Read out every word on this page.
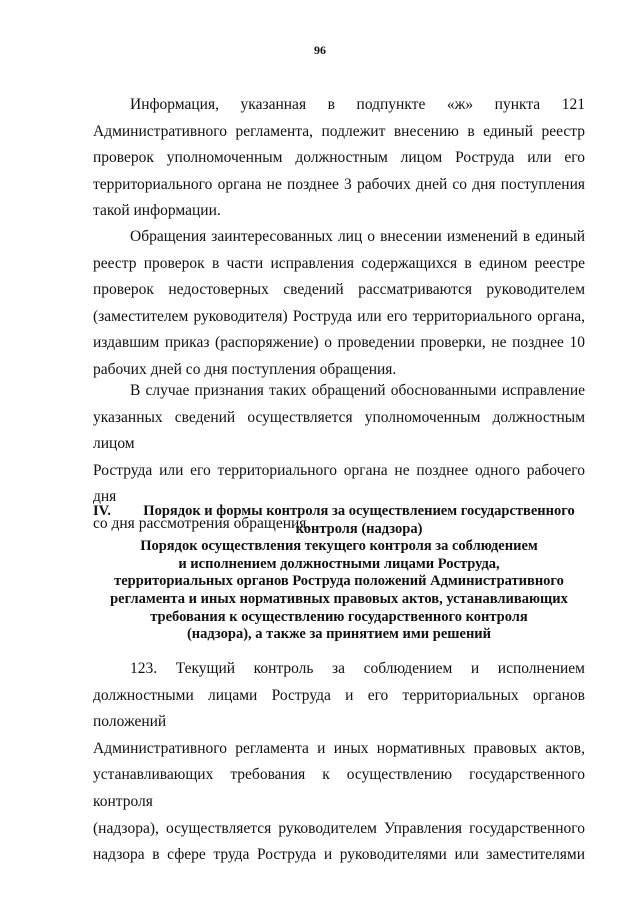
96
Информация, указанная в подпункте «ж» пункта 121
Административного регламента, подлежит внесению в единый реестр
проверок уполномоченным должностным лицом Роструда или его
территориального органа не позднее 3 рабочих дней со дня поступления
такой информации.
Обращения заинтересованных лиц о внесении изменений в единый
реестр проверок в части исправления содержащихся в едином реестре
проверок недостоверных сведений рассматриваются руководителем
(заместителем руководителя) Роструда или его территориального органа,
издавшим приказ (распоряжение) о проведении проверки, не позднее 10
рабочих дней со дня поступления обращения.
В случае признания таких обращений обоснованными исправление
указанных сведений осуществляется уполномоченным должностным лицом
Роструда или его территориального органа не позднее одного рабочего дня
со дня рассмотрения обращения.
IV.	Порядок и формы контроля за осуществлением государственного
контроля (надзора)
Порядок осуществления текущего контроля за соблюдением
и исполнением должностными лицами Роструда,
территориальных органов Роструда положений Административного
регламента и иных нормативных правовых актов, устанавливающих
требования к осуществлению государственного контроля
(надзора), а также за принятием ими решений
123. Текущий контроль за соблюдением и исполнением
должностными лицами Роструда и его территориальных органов положений
Административного регламента и иных нормативных правовых актов,
устанавливающих требования к осуществлению государственного контроля
(надзора), осуществляется руководителем Управления государственного
надзора в сфере труда Роструда и руководителями или заместителями
